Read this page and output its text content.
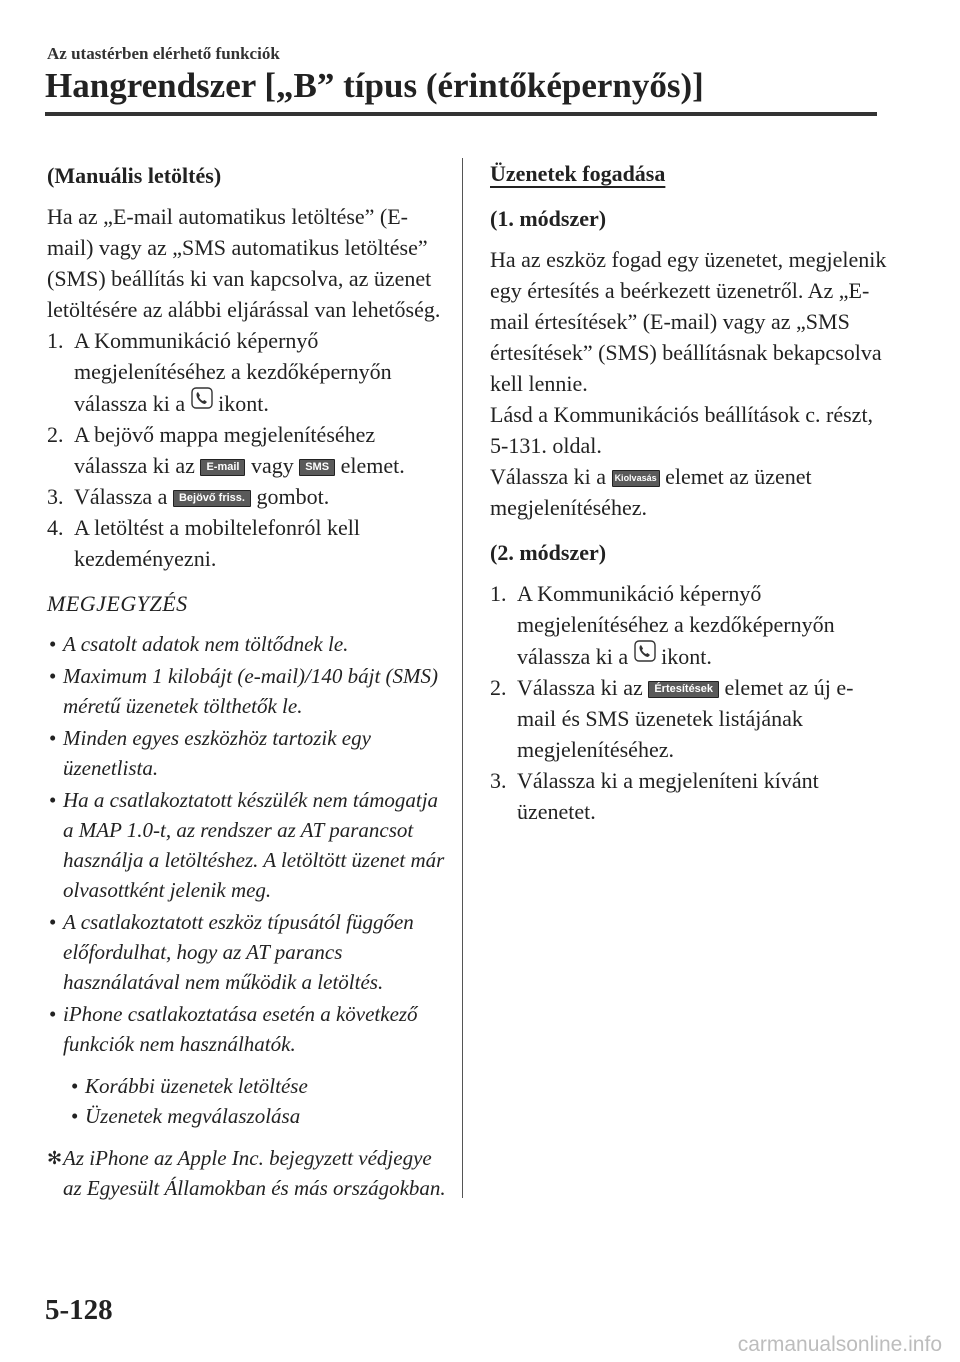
Az utastérben elérhető funkciók
Hangrendszer [„B” típus (érintőképernyős)]

(Manuális letöltés)

Ha az „E-mail automatikus letöltése” (E-mail) vagy az „SMS automatikus letöltése” (SMS) beállítás ki van kapcsolva, az üzenet letöltésére az alábbi eljárással van lehetőség.

1. A Kommunikáció képernyő megjelenítéséhez a kezdőképernyőn válassza ki a ikont.
2. A bejövő mappa megjelenítéséhez válassza ki az E-mail vagy SMS elemet.
3. Válassza a Bejövő friss. gombot.
4. A letöltést a mobiltelefonról kell kezdeményezni.

MEGJEGYZÉS

• A csatolt adatok nem töltődnek le.
• Maximum 1 kilobájt (e-mail)/140 bájt (SMS) méretű üzenetek tölthetők le.
• Minden egyes eszközhöz tartozik egy üzenetlista.
• Ha a csatlakoztatott készülék nem támogatja a MAP 1.0-t, az rendszer az AT parancsot használja a letöltéshez. A letöltött üzenet már olvasottként jelenik meg.
• A csatlakoztatott eszköz típusától függően előfordulhat, hogy az AT parancs használatával nem működik a letöltés.
• iPhone csatlakoztatása esetén a következő funkciók nem használhatók.
• Korábbi üzenetek letöltése
• Üzenetek megválaszolása
✻ Az iPhone az Apple Inc. bejegyzett védjegye az Egyesült Államokban és más országokban.

Üzenetek fogadása

(1. módszer)

Ha az eszköz fogad egy üzenetet, megjelenik egy értesítés a beérkezett üzenetről. Az „E-mail értesítések” (E-mail) vagy az „SMS értesítések” (SMS) beállításnak bekapcsolva kell lennie.

Lásd a Kommunikációs beállítások c. részt, 5-131. oldal.

Válassza ki a Kiolvasás elemet az üzenet megjelenítéséhez.

(2. módszer)

1. A Kommunikáció képernyő megjelenítéséhez a kezdőképernyőn válassza ki a ikont.
2. Válassza ki az Értesítések elemet az új e-mail és SMS üzenetek listájának megjelenítéséhez.
3. Válassza ki a megjeleníteni kívánt üzenetet.
5-128
carmanualsonline.info
